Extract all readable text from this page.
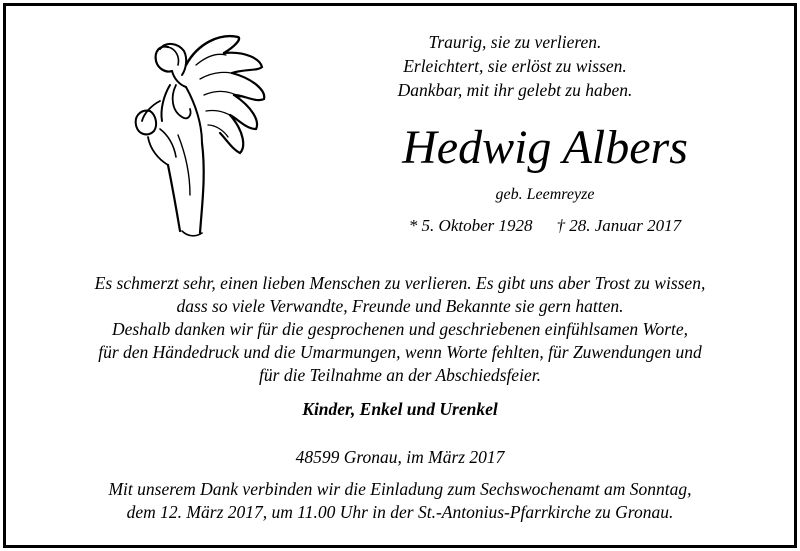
Traurig, sie zu verlieren.
Erleichtert, sie erlöst zu wissen.
Dankbar, mit ihr gelebt zu haben.
Hedwig Albers
geb. Leemreyze
* 5. Oktober 1928 † 28. Januar 2017
Es schmerzt sehr, einen lieben Menschen zu verlieren. Es gibt uns aber Trost zu wissen,
dass so viele Verwandte, Freunde und Bekannte sie gern hatten.
Deshalb danken wir für die gesprochenen und geschriebenen einfühlsamen Worte,
für den Händedruck und die Umarmungen, wenn Worte fehlten, für Zuwendungen und
für die Teilnahme an der Abschiedsfeier.
Kinder, Enkel und Urenkel
48599 Gronau, im März 2017
Mit unserem Dank verbinden wir die Einladung zum Sechswochenamt am Sonntag,
dem 12. März 2017, um 11.00 Uhr in der St.-Antonius-Pfarrkirche zu Gronau.
